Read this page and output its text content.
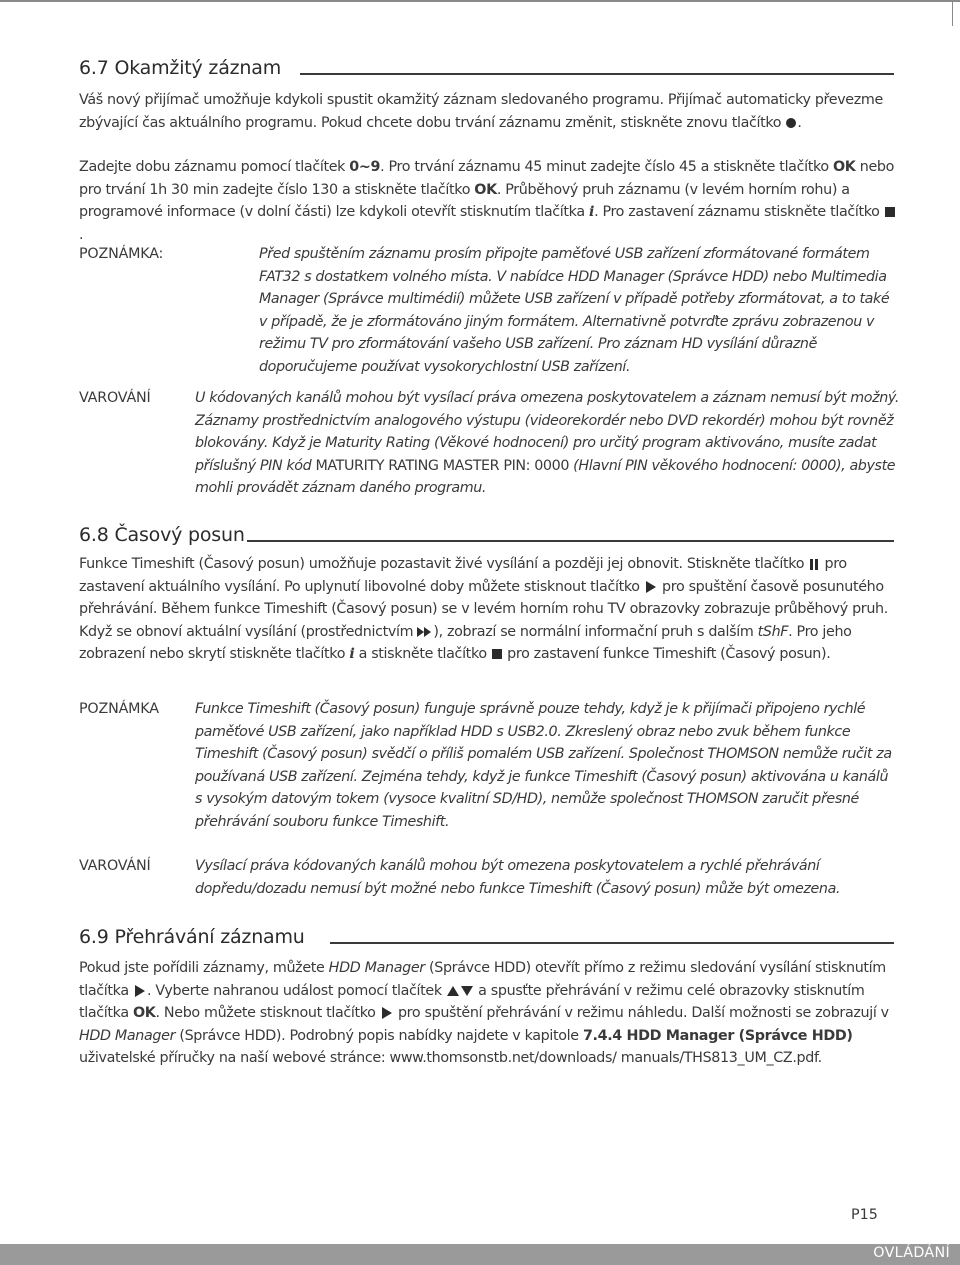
6.7 Okamžitý záznam
Váš nový přijímač umožňuje kdykoli spustit okamžitý záznam sledovaného programu. Přijímač automaticky převezme zbývající čas aktuálního programu. Pokud chcete dobu trvání záznamu změnit, stiskněte znovu tlačítko .
Zadejte dobu záznamu pomocí tlačítek 0~9. Pro trvání záznamu 45 minut zadejte číslo 45 a stiskněte tlačítko OK nebo pro trvání 1h 30 min zadejte číslo 130 a stiskněte tlačítko OK. Průběhový pruh záznamu (v levém horním rohu) a programové informace (v dolní části) lze kdykoli otevřít stisknutím tlačítka i. Pro zastavení záznamu stiskněte tlačítko .
POZNÁMKA:	Před spuštěním záznamu prosím připojte paměťové USB zařízení zformátované formátem FAT32 s dostatkem volného místa. V nabídce HDD Manager (Správce HDD) nebo Multimedia Manager (Správce multimédií) můžete USB zařízení v případě potřeby zformátovat, a to také v případě, že je zformátováno jiným formátem. Alternativně potvrďte zprávu zobrazenou v režimu TV pro zformátování vašeho USB zařízení. Pro záznam HD vysílání důrazně doporučujeme používat vysokorychlostní USB zařízení.
VAROVÁNÍ	U kódovaných kanálů mohou být vysílací práva omezena poskytovatelem a záznam nemusí být možný. Záznamy prostřednictvím analogového výstupu (videorekordér nebo DVD rekordér) mohou být rovněž blokovány. Když je Maturity Rating (Věkové hodnocení) pro určitý program aktivováno, musíte zadat příslušný PIN kód MATURITY RATING MASTER PIN: 0000 (Hlavní PIN věkového hodnocení: 0000), abyste mohli provádět záznam daného programu.
6.8 Časový posun
Funkce Timeshift (Časový posun) umožňuje pozastavit živé vysílání a později jej obnovit. Stiskněte tlačítko  pro zastavení aktuálního vysílání. Po uplynutí libovolné doby můžete stisknout tlačítko  pro spuštění časově posunutého přehrávání. Během funkce Timeshift (Časový posun) se v levém horním rohu TV obrazovky zobrazuje průběhový pruh. Když se obnoví aktuální vysílání (prostřednictvím ), zobrazí se normální informační pruh s dalším tShF. Pro jeho zobrazení nebo skrytí stiskněte tlačítko i a stiskněte tlačítko  pro zastavení funkce Timeshift (Časový posun).
POZNÁMKA	Funkce Timeshift (Časový posun) funguje správně pouze tehdy, když je k přijímači připojeno rychlé paměťové USB zařízení, jako například HDD s USB2.0. Zkreslený obraz nebo zvuk během funkce Timeshift (Časový posun) svědčí o příliš pomalém USB zařízení. Společnost THOMSON nemůže ručit za používaná USB zařízení. Zejména tehdy, když je funkce Timeshift (Časový posun) aktivována u kanálů s vysokým datovým tokem (vysoce kvalitní SD/HD), nemůže společnost THOMSON zaručit přesné přehrávání souboru funkce Timeshift.
VAROVÁNÍ	Vysílací práva kódovaných kanálů mohou být omezena poskytovatelem a rychlé přehrávání dopředu/dozadu nemusí být možné nebo funkce Timeshift (Časový posun) může být omezena.
6.9 Přehrávání záznamu
Pokud jste pořídili záznamy, můžete HDD Manager (Správce HDD) otevřít přímo z režimu sledování vysílání stisknutím tlačítka . Vyberte nahranou událost pomocí tlačítek  a spusťte přehrávání v režimu celé obrazovky stisknutím tlačítka OK. Nebo můžete stisknout tlačítko  pro spuštění přehrávání v režimu náhledu. Další možnosti se zobrazují v HDD Manager (Správce HDD). Podrobný popis nabídky najdete v kapitole 7.4.4 HDD Manager (Správce HDD) uživatelské příručky na naší webové stránce: www.thomsonstb.net/downloads/ manuals/THS813_UM_CZ.pdf.
P15
OVLÁDÁNÍ
